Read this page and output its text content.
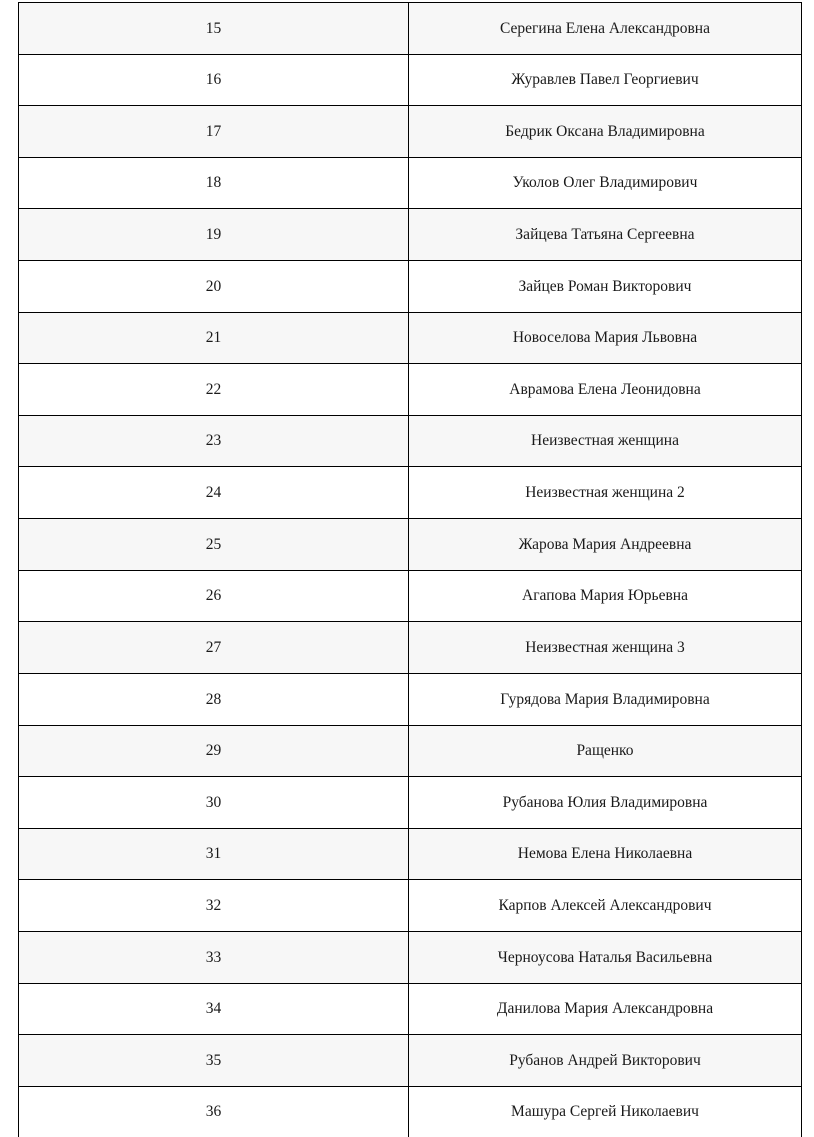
15	Серегина Елена Александровна
16	Журавлев Павел Георгиевич
17	Бедрик Оксана Владимировна
18	Уколов Олег Владимирович
19	Зайцева Татьяна Сергеевна
20	Зайцев Роман Викторович
21	Новоселова Мария Львовна
22	Аврамова Елена Леонидовна
23	Неизвестная женщина
24	Неизвестная женщина 2
25	Жарова Мария Андреевна
26	Агапова Мария Юрьевна
27	Неизвестная женщина 3
28	Гурядова Мария Владимировна
29	Ращенко
30	Рубанова Юлия Владимировна
31	Немова Елена Николаевна
32	Карпов Алексей Александрович
33	Черноусова Наталья Васильевна
34	Данилова Мария Александровна
35	Рубанов Андрей Викторович
36	Машура Сергей Николаевич
